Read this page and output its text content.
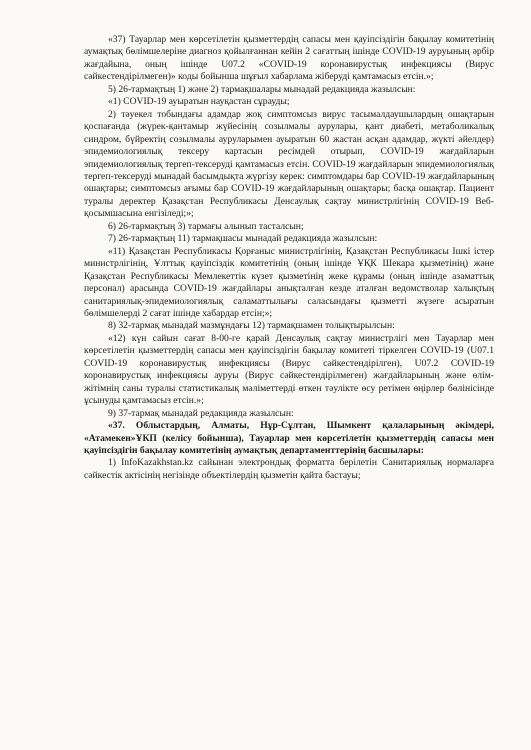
«37) Тауарлар мен көрсетілетін қызметтердің сапасы мен қауіпсіздігін бақылау комитетінің аумақтық бөлімшелеріне диагноз қойылғаннан кейін 2 сағаттың ішінде COVID-19 ауруының әрбір жағдайына, оның ішінде U07.2 «COVID-19 коронавирустық инфекциясы (Вирус сәйкестендірілмеген)» коды бойынша шұғыл хабарлама жіберуді қамтамасыз етсін.»;

5) 26-тармақтың 1) және 2) тармақшалары мынадай редакцияда жазылсын:

«1) COVID-19 ауыратын науқастан сұрауды;

2) тәуекел тобындағы адамдар жоқ симптомсыз вирус тасымалдаушылардың ошақтарын қоспағанда (жүрек-қантамыр жүйесінің созылмалы аурулары, қант диабеті, метаболикалық синдром, бүйректің созылмалы ауруларымен ауыратын 60 жастан асқан адамдар, жүкті әйелдер) эпидемиологиялық тексеру картасын ресімдей отырып, COVID-19 жағдайларын эпидемиологиялық тергеп-тексеруді қамтамасыз етсін. COVID-19 жағдайларын эпидемиологиялық тергеп-тексеруді мынадай басымдықта жүргізу керек: симптомдары бар COVID-19 жағдайларының ошақтары; симптомсыз ағымы бар COVID-19 жағдайларының ошақтары; басқа ошақтар. Пациент туралы деректер Қазақстан Республикасы Денсаулық сақтау министрлігінің COVID-19 Веб-қосымшасына енгізіледі;»;

6) 26-тармақтың 3) тармағы алынып тасталсын;

7) 26-тармақтың 11) тармақшасы мынадай редакцияда жазылсын:

«11) Қазақстан Республикасы Қорғаныс министрлігінің, Қазақстан Республикасы Ішкі істер министрлігінің, Ұлттық қауіпсіздік комитетінің (оның ішінде ҰҚК Шекара қызметінің) және Қазақстан Республикасы Мемлекеттік күзет қызметінің жеке құрамы (оның ішінде азаматтық персонал) арасында COVID-19 жағдайлары анықталған кезде аталған ведомстволар халықтың санитариялық-эпидемиологиялық саламаттылығы саласындағы қызметті жүзеге асыратын бөлімшелерді 2 сағат ішінде хабардар етсін;»;

8) 32-тармақ мынадай мазмұндағы 12) тармақшамен толықтырылсын:

«12) күн сайын сағат 8-00-ге қарай Денсаулық сақтау министрлігі мен Тауарлар мен көрсетілетін қызметтердің сапасы мен қауіпсіздігін бақылау комитеті тіркелген COVID-19 (U07.1 COVID-19 коронавирустық инфекциясы (Вирус сәйкестендірілген), U07.2 COVID-19 коронавирустық инфекциясы ауруы (Вирус сәйкестендірілмеген) жағдайларының және өлім-жітімнің саны туралы статистикалық мәліметтерді өткен тәулікте өсу ретімен өңірлер бөлінісінде ұсынуды қамтамасыз етсін.»;

9) 37-тармақ мынадай редакцияда жазылсын:

«37. Облыстардың, Алматы, Нұр-Сұлтан, Шымкент қалаларының әкімдері, «Атамекен»ҰКП (келісу бойынша), Тауарлар мен көрсетілетін қызметтердің сапасы мен қауіпсіздігін бақылау комитетінің аумақтық департаменттерінің басшылары:

1) InfoKazakhstan.kz сайынан электрондық форматта берілетін Санитариялық нормаларға сәйкестік актісінің негізінде объектілердің қызметін қайта бастауы;
